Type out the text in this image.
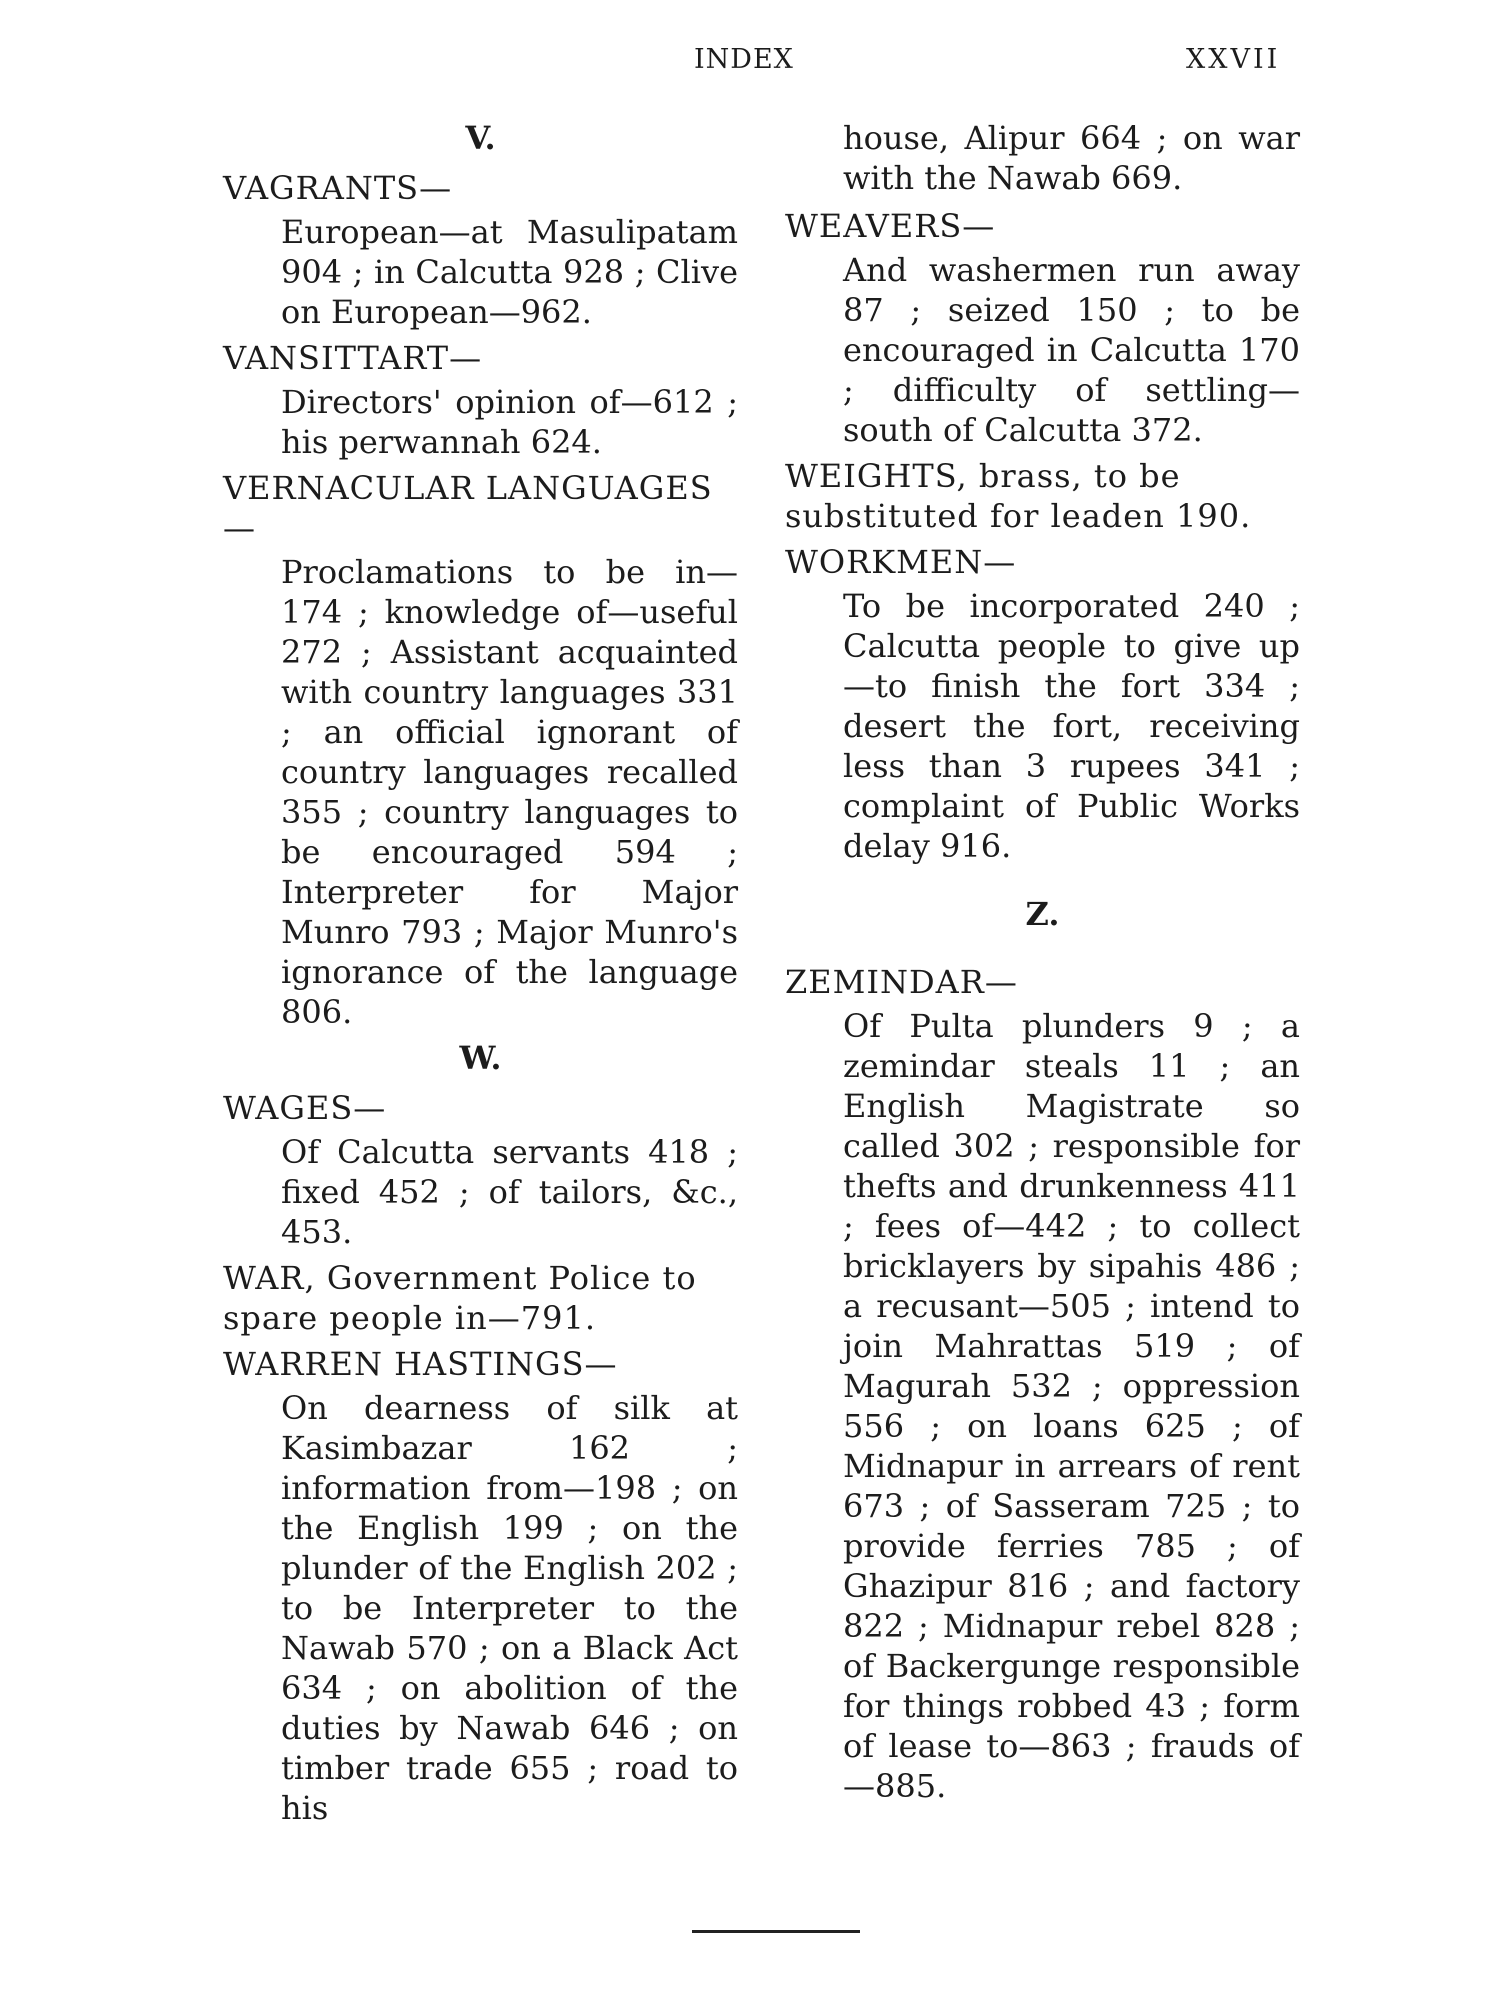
INDEX	XXVII
V.
VAGRANTS—
European—at Masulipatam 904 ; in Calcutta 928 ; Clive on European—962.
VANSITTART—
Directors' opinion of—612 ; his perwannah 624.
VERNACULAR LANGUAGES—
Proclamations to be in—174 ; knowledge of—useful 272 ; Assistant acquainted with country languages 331 ; an official ignorant of country languages recalled 355 ; country languages to be encouraged 594 ; Interpreter for Major Munro 793 ; Major Munro's ignorance of the language 806.
W.
WAGES—
Of Calcutta servants 418 ; fixed 452 ; of tailors, &c., 453.
WAR, Government Police to spare people in—791.
WARREN HASTINGS—
On dearness of silk at Kasimbazar 162 ; information from—198 ; on the English 199 ; on the plunder of the English 202 ; to be Interpreter to the Nawab 570 ; on a Black Act 634 ; on abolition of the duties by Nawab 646 ; on timber trade 655 ; road to his
house, Alipur 664 ; on war with the Nawab 669.
WEAVERS—
And washermen run away 87 ; seized 150 ; to be encouraged in Calcutta 170 ; difficulty of settling—south of Calcutta 372.
WEIGHTS, brass, to be substituted for leaden 190.
WORKMEN—
To be incorporated 240 ; Calcutta people to give up—to finish the fort 334 ; desert the fort, receiving less than 3 rupees 341 ; complaint of Public Works delay 916.
Z.
ZEMINDAR—
Of Pulta plunders 9 ; a zemindar steals 11 ; an English Magistrate so called 302 ; responsible for thefts and drunkenness 411 ; fees of—442 ; to collect bricklayers by sipahis 486 ; a recusant—505 ; intend to join Mahrattas 519 ; of Magurah 532 ; oppression 556 ; on loans 625 ; of Midnapur in arrears of rent 673 ; of Sasseram 725 ; to provide ferries 785 ; of Ghazipur 816 ; and factory 822 ; Midnapur rebel 828 ; of Backergunge responsible for things robbed 43 ; form of lease to—863 ; frauds of—885.
